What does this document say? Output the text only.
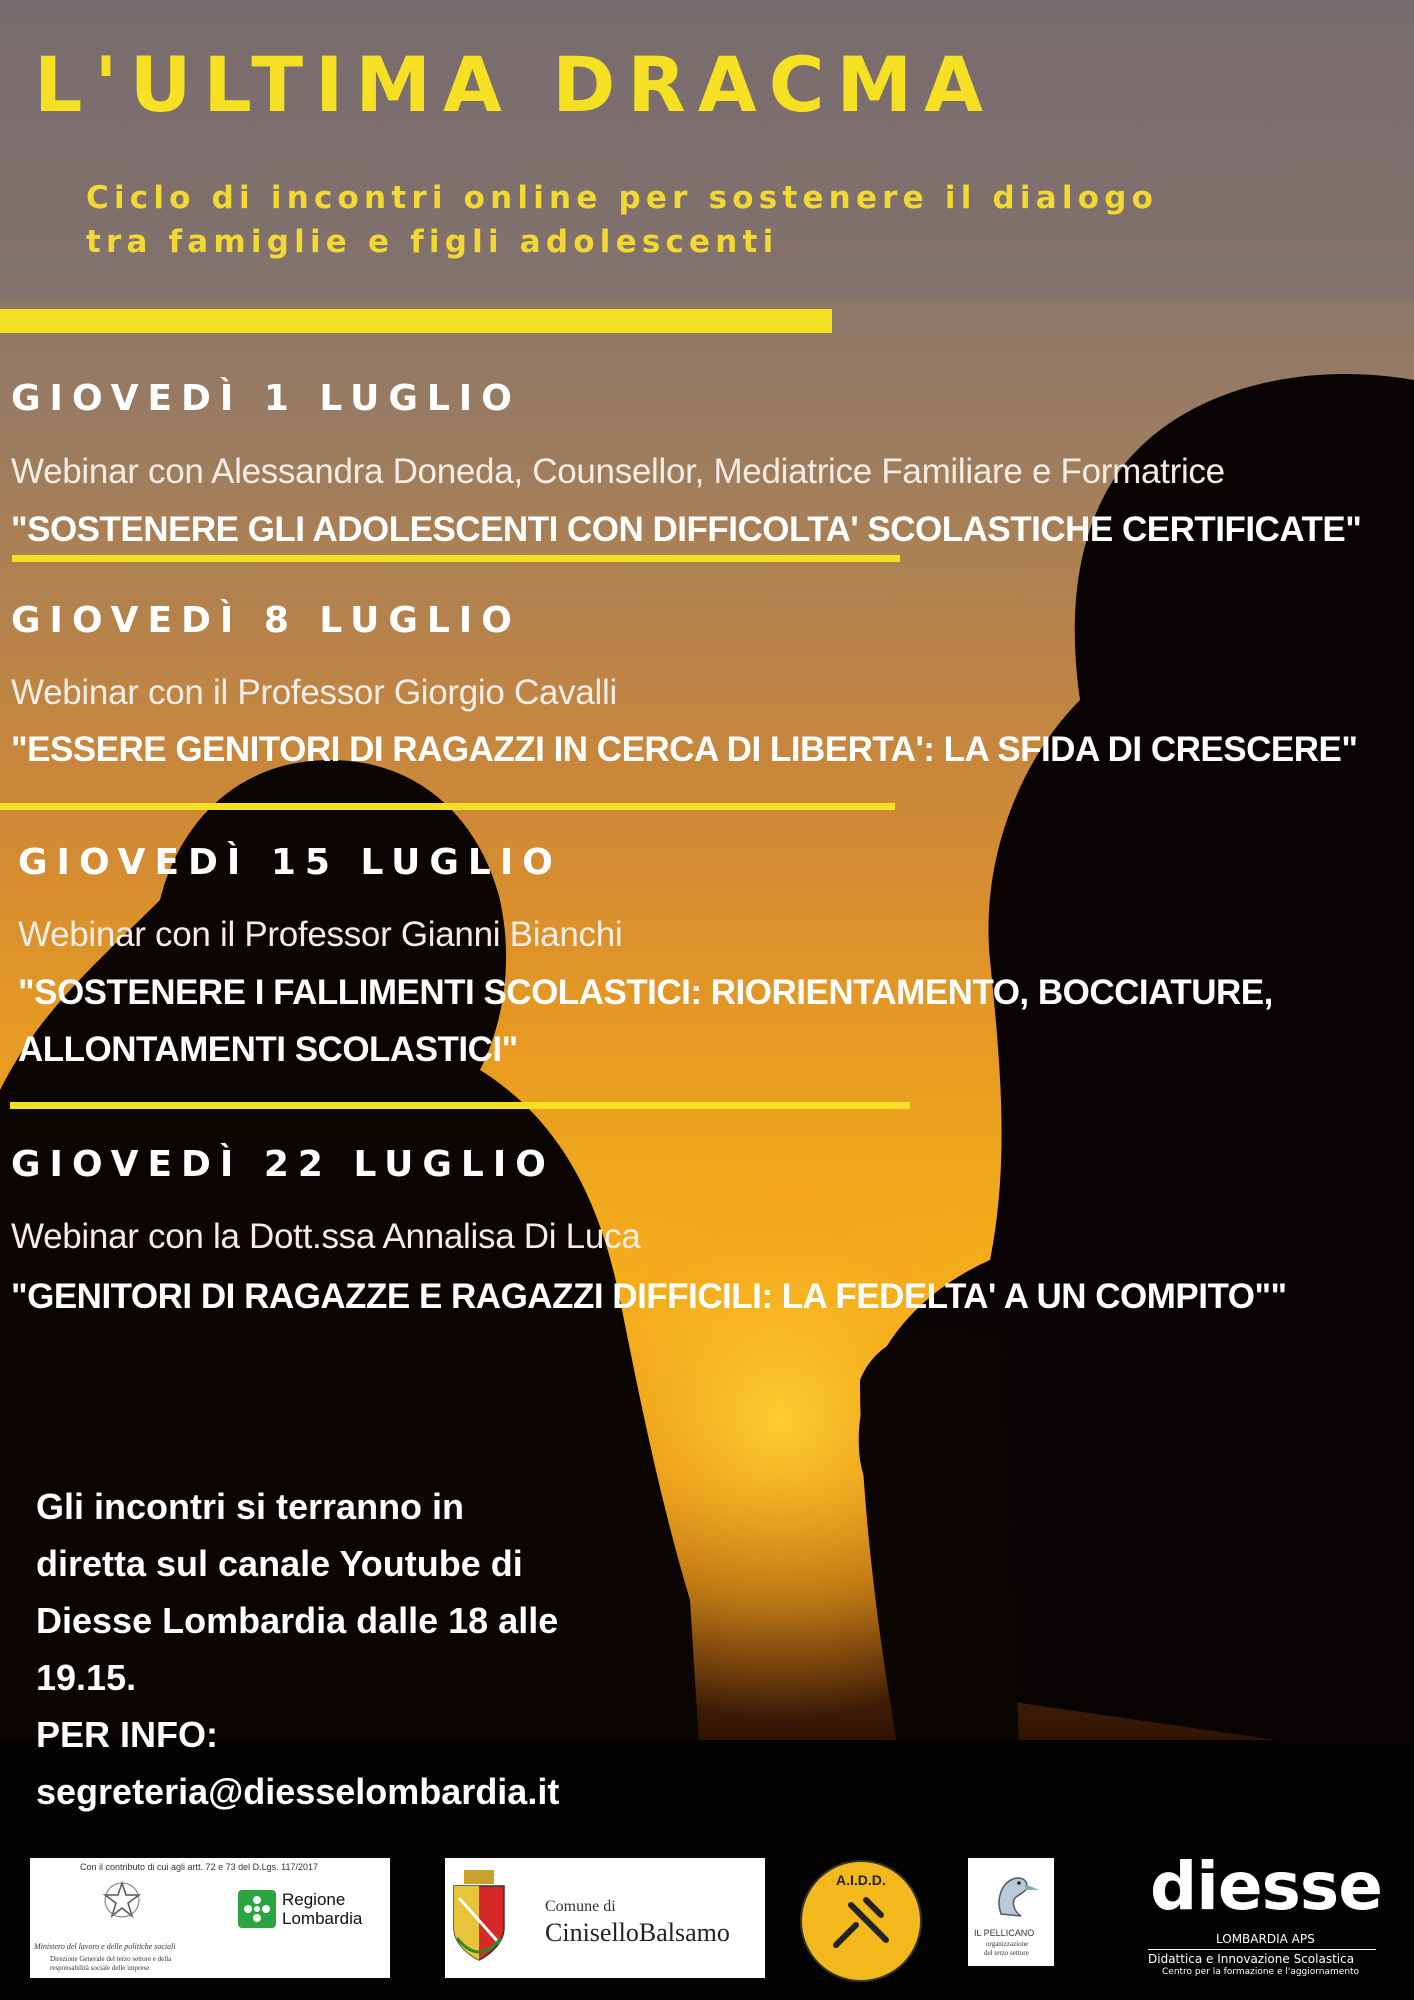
L'ULTIMA DRACMA
Ciclo di incontri online per sostenere il dialogo
tra famiglie e figli adolescenti
GIOVEDÌ 1 LUGLIO
Webinar con Alessandra Doneda, Counsellor, Mediatrice Familiare e Formatrice
"SOSTENERE GLI ADOLESCENTI CON DIFFICOLTA' SCOLASTICHE CERTIFICATE"
GIOVEDÌ 8 LUGLIO
Webinar con il Professor Giorgio Cavalli
"ESSERE GENITORI DI RAGAZZI IN CERCA DI LIBERTA': LA SFIDA DI CRESCERE"
GIOVEDÌ 15 LUGLIO
Webinar con il Professor Gianni Bianchi
"SOSTENERE I FALLIMENTI SCOLASTICI: RIORIENTAMENTO, BOCCIATURE,
ALLONTAMENTI SCOLASTICI"
GIOVEDÌ 22 LUGLIO
Webinar con la Dott.ssa Annalisa Di Luca
"GENITORI DI RAGAZZE E RAGAZZI DIFFICILI: LA FEDELTA' A UN COMPITO""
Gli incontri si terranno in
diretta sul canale Youtube di
Diesse Lombardia dalle 18 alle
19.15.
PER INFO:
segreteria@diesselombardia.it
Con il contributo di cui agli artt. 72 e 73 del D.Lgs. 117/2017
Ministero del lavoro e delle politiche sociali
Direzione Generale del terzo settore e della
responsabilità sociale delle imprese
Regione
Lombardia
Comune di
CiniselloBalsamo
A.I.D.D.
IL PELLICANO
organizzazione
del terzo settore
diesse
LOMBARDIA APS
Didattica e Innovazione Scolastica
Centro per la formazione e l'aggiornamento
